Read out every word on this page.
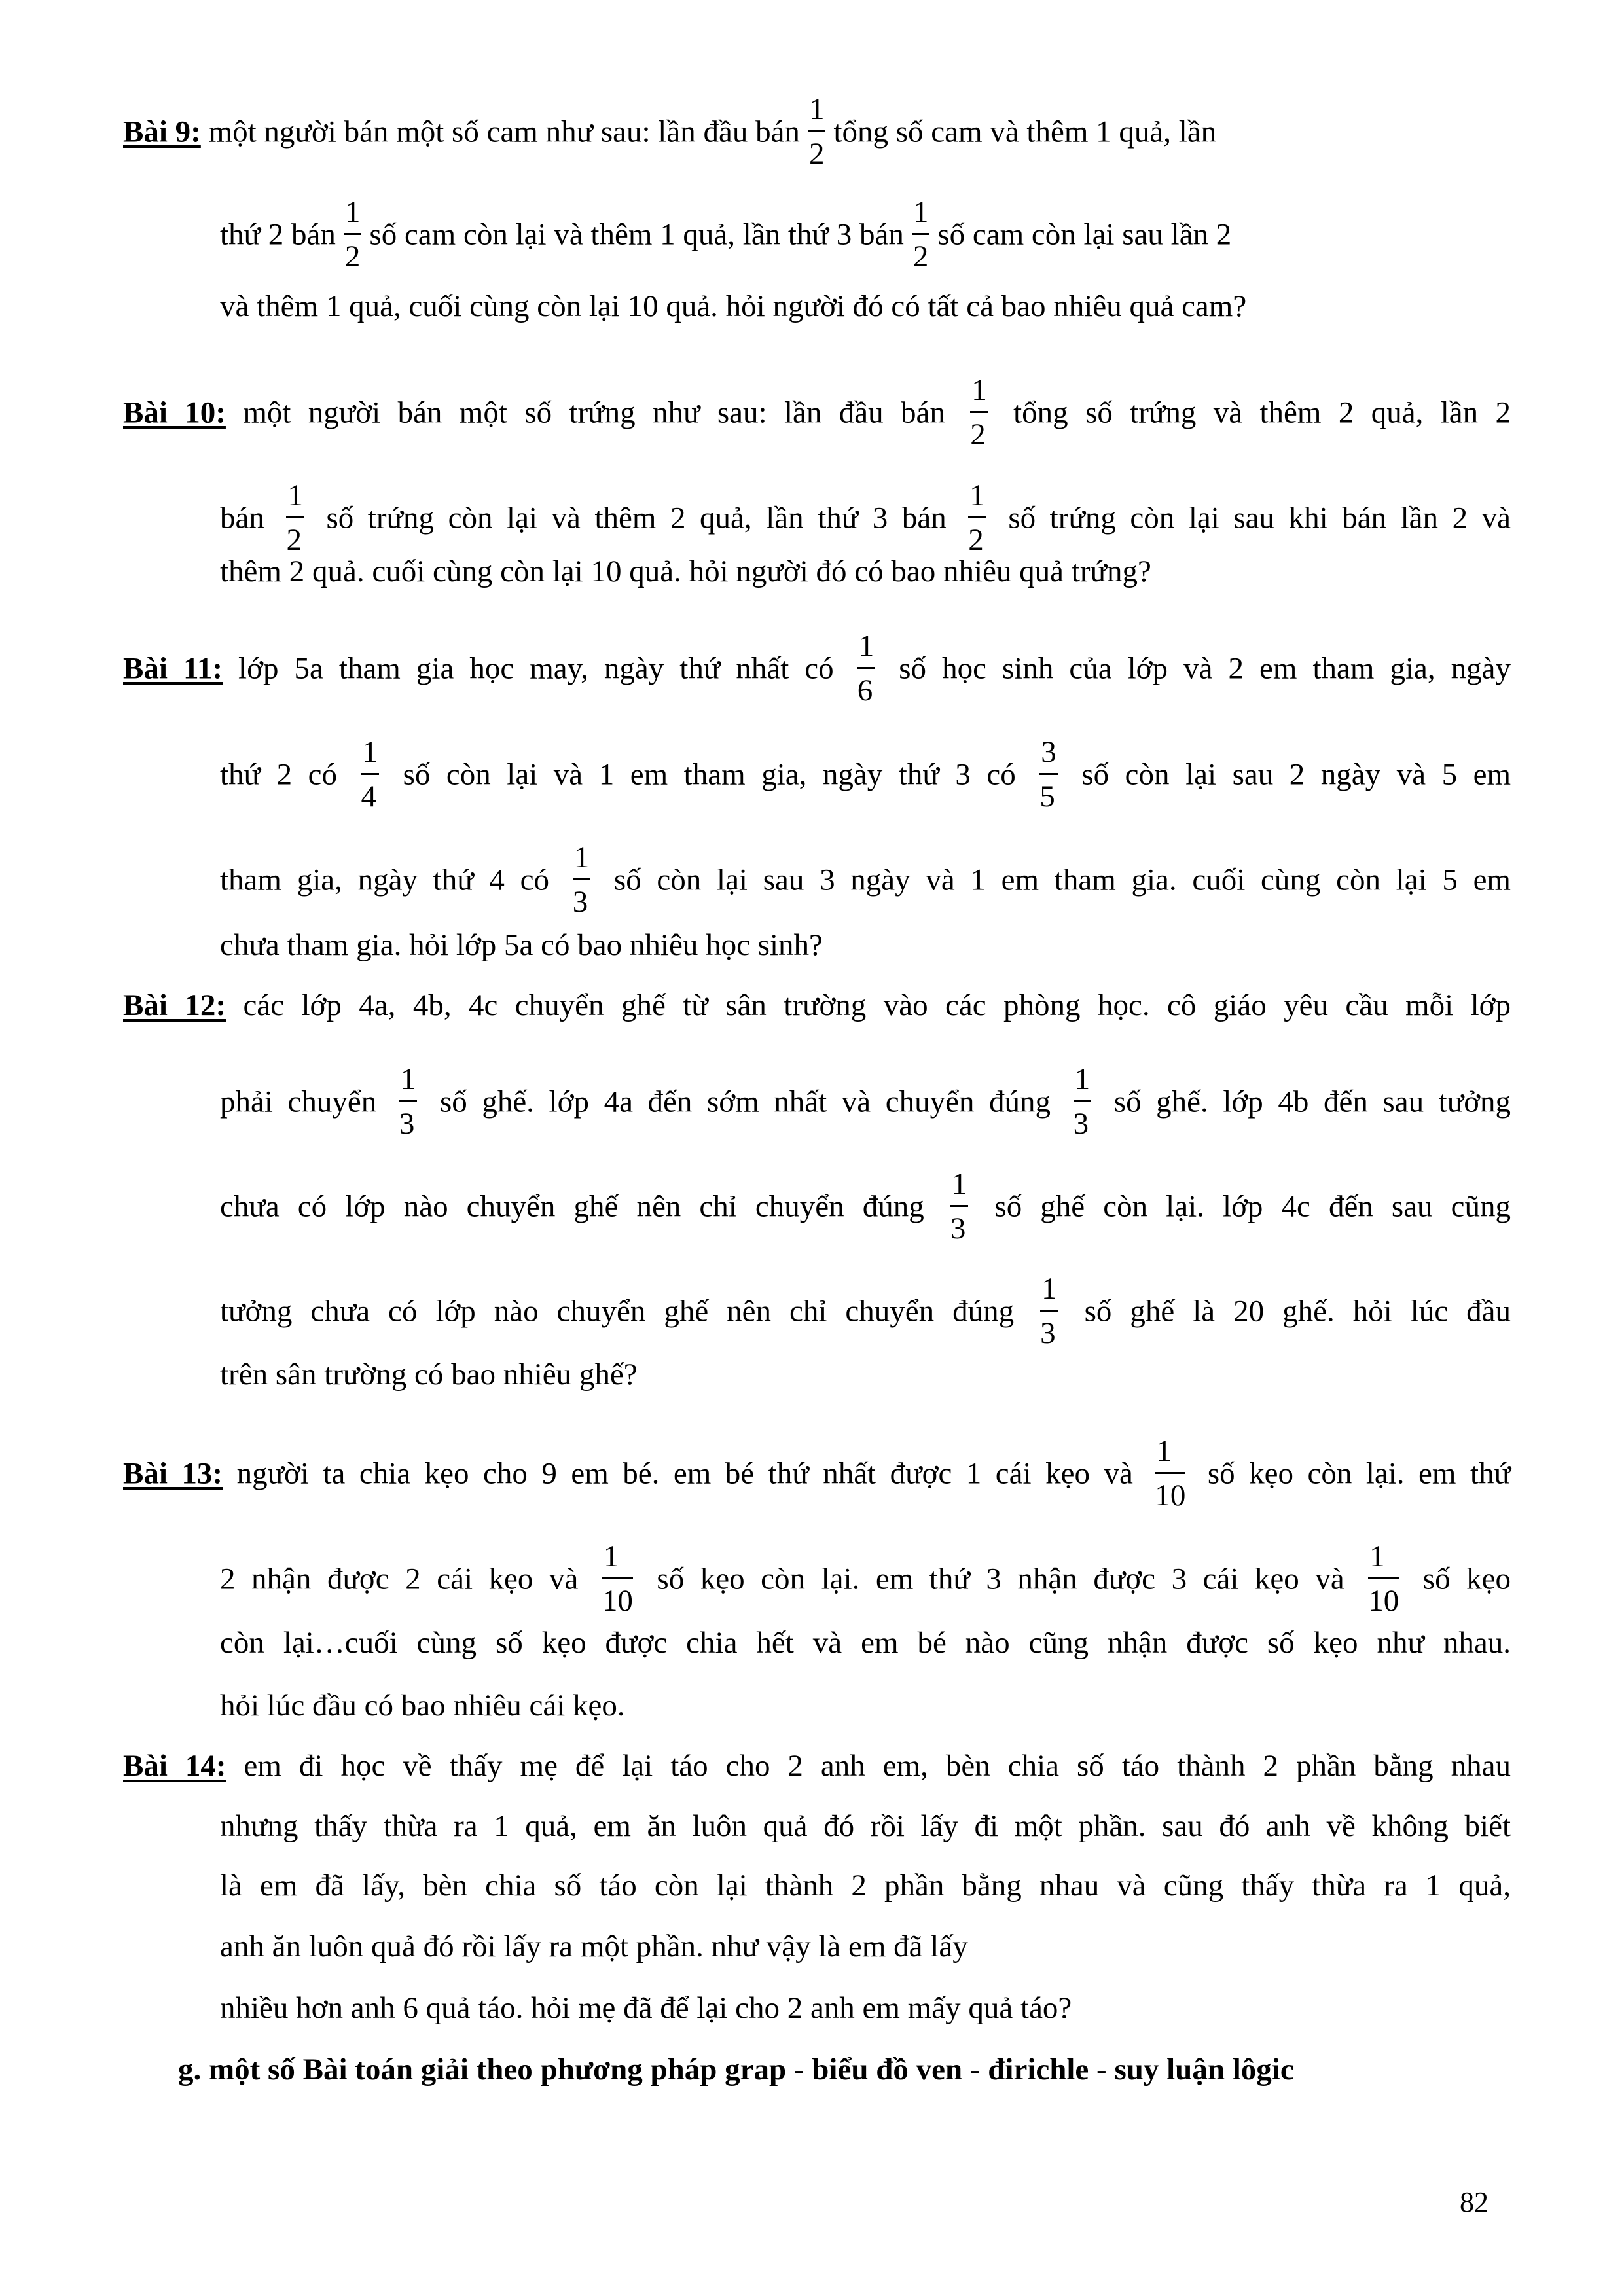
Bài 9: một người bán một số cam như sau: lần đầu bán $\frac{1}{2}$ tổng số cam và thêm 1 quả, lần
thứ 2 bán $\frac{1}{2}$ số cam còn lại và thêm 1 quả, lần thứ 3 bán $\frac{1}{2}$ số cam còn lại sau lần 2
và thêm 1 quả, cuối cùng còn lại 10 quả. hỏi người đó có tất cả bao nhiêu quả cam?
Bài 10: một người bán một số trứng như sau: lần đầu bán $\frac{1}{2}$ tổng số trứng và thêm 2 quả, lần 2
bán $\frac{1}{2}$ số trứng còn lại và thêm 2 quả, lần thứ 3 bán $\frac{1}{2}$ số trứng còn lại sau khi bán lần 2 và
thêm 2 quả. cuối cùng còn lại 10 quả. hỏi người đó có bao nhiêu quả trứng?
Bài 11: lớp 5a tham gia học may, ngày thứ nhất có $\frac{1}{6}$ số học sinh của lớp và 2 em tham gia, ngày
thứ 2 có $\frac{1}{4}$ số còn lại và 1 em tham gia, ngày thứ 3 có $\frac{3}{5}$ số còn lại sau 2 ngày và 5 em
tham gia, ngày thứ 4 có $\frac{1}{3}$ số còn lại sau 3 ngày và 1 em tham gia. cuối cùng còn lại 5 em
chưa tham gia. hỏi lớp 5a có bao nhiêu học sinh?
Bài 12: các lớp 4a, 4b, 4c chuyển ghế từ sân trường vào các phòng học. cô giáo yêu cầu mỗi lớp
phải chuyển $\frac{1}{3}$ số ghế. lớp 4a đến sớm nhất và chuyển đúng $\frac{1}{3}$ số ghế. lớp 4b đến sau tưởng
chưa có lớp nào chuyển ghế nên chỉ chuyển đúng $\frac{1}{3}$ số ghế còn lại. lớp 4c đến sau cũng
tưởng chưa có lớp nào chuyển ghế nên chỉ chuyển đúng $\frac{1}{3}$ số ghế là 20 ghế. hỏi lúc đầu
trên sân trường có bao nhiêu ghế?
Bài 13: người ta chia kẹo cho 9 em bé. em bé thứ nhất được 1 cái kẹo và $\frac{1}{10}$ số kẹo còn lại. em thứ
2 nhận được 2 cái kẹo và $\frac{1}{10}$ số kẹo còn lại. em thứ 3 nhận được 3 cái kẹo và $\frac{1}{10}$ số kẹo
còn lại…cuối cùng số kẹo được chia hết và em bé nào cũng nhận được số kẹo như nhau.
hỏi lúc đầu có bao nhiêu cái kẹo.
Bài 14: em đi học về thấy mẹ để lại táo cho 2 anh em, bèn chia số táo thành 2 phần bằng nhau
nhưng thấy thừa ra 1 quả, em ăn luôn quả đó rồi lấy đi một phần. sau đó anh về không biết
là em đã lấy, bèn chia số táo còn lại thành 2 phần bằng nhau và cũng thấy thừa ra 1 quả,
anh ăn luôn quả đó rồi lấy ra một phần. như vậy là em đã lấy
nhiều hơn anh 6 quả táo. hỏi mẹ đã để lại cho 2 anh em mấy quả táo?
g. một số Bài toán giải theo phương pháp grap - biểu đồ ven - đirichle - suy luận lôgic
82
